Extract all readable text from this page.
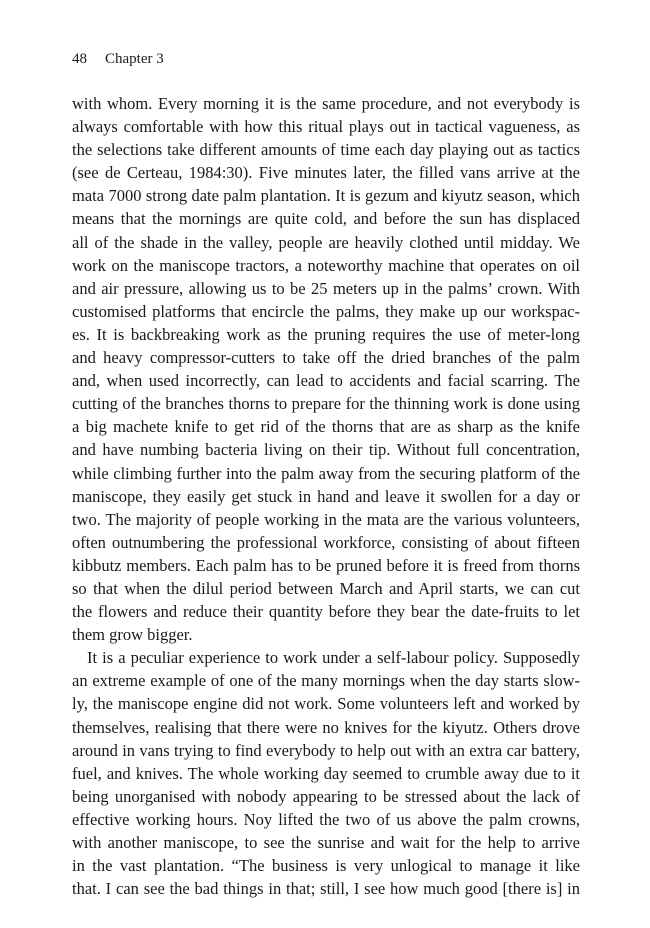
48 Chapter 3
with whom. Every morning it is the same procedure, and not everybody is
always comfortable with how this ritual plays out in tactical vagueness, as
the selections take different amounts of time each day playing out as tactics
(see de Certeau, 1984:30). Five minutes later, the filled vans arrive at the
mata 7000 strong date palm plantation. It is gezum and kiyutz season, which
means that the mornings are quite cold, and before the sun has displaced
all of the shade in the valley, people are heavily clothed until midday. We
work on the maniscope tractors, a noteworthy machine that operates on oil
and air pressure, allowing us to be 25 meters up in the palms’ crown. With
customised platforms that encircle the palms, they make up our workspac-
es. It is backbreaking work as the pruning requires the use of meter-long
and heavy compressor-cutters to take off the dried branches of the palm
and, when used incorrectly, can lead to accidents and facial scarring. The
cutting of the branches thorns to prepare for the thinning work is done using
a big machete knife to get rid of the thorns that are as sharp as the knife
and have numbing bacteria living on their tip. Without full concentration,
while climbing further into the palm away from the securing platform of the
maniscope, they easily get stuck in hand and leave it swollen for a day or
two. The majority of people working in the mata are the various volunteers,
often outnumbering the professional workforce, consisting of about fifteen
kibbutz members. Each palm has to be pruned before it is freed from thorns
so that when the dilul period between March and April starts, we can cut
the flowers and reduce their quantity before they bear the date-fruits to let
them grow bigger.
It is a peculiar experience to work under a self-labour policy. Supposedly
an extreme example of one of the many mornings when the day starts slow-
ly, the maniscope engine did not work. Some volunteers left and worked by
themselves, realising that there were no knives for the kiyutz. Others drove
around in vans trying to find everybody to help out with an extra car battery,
fuel, and knives. The whole working day seemed to crumble away due to it
being unorganised with nobody appearing to be stressed about the lack of
effective working hours. Noy lifted the two of us above the palm crowns,
with another maniscope, to see the sunrise and wait for the help to arrive
in the vast plantation. “The business is very unlogical to manage it like
that. I can see the bad things in that; still, I see how much good [there is] in
